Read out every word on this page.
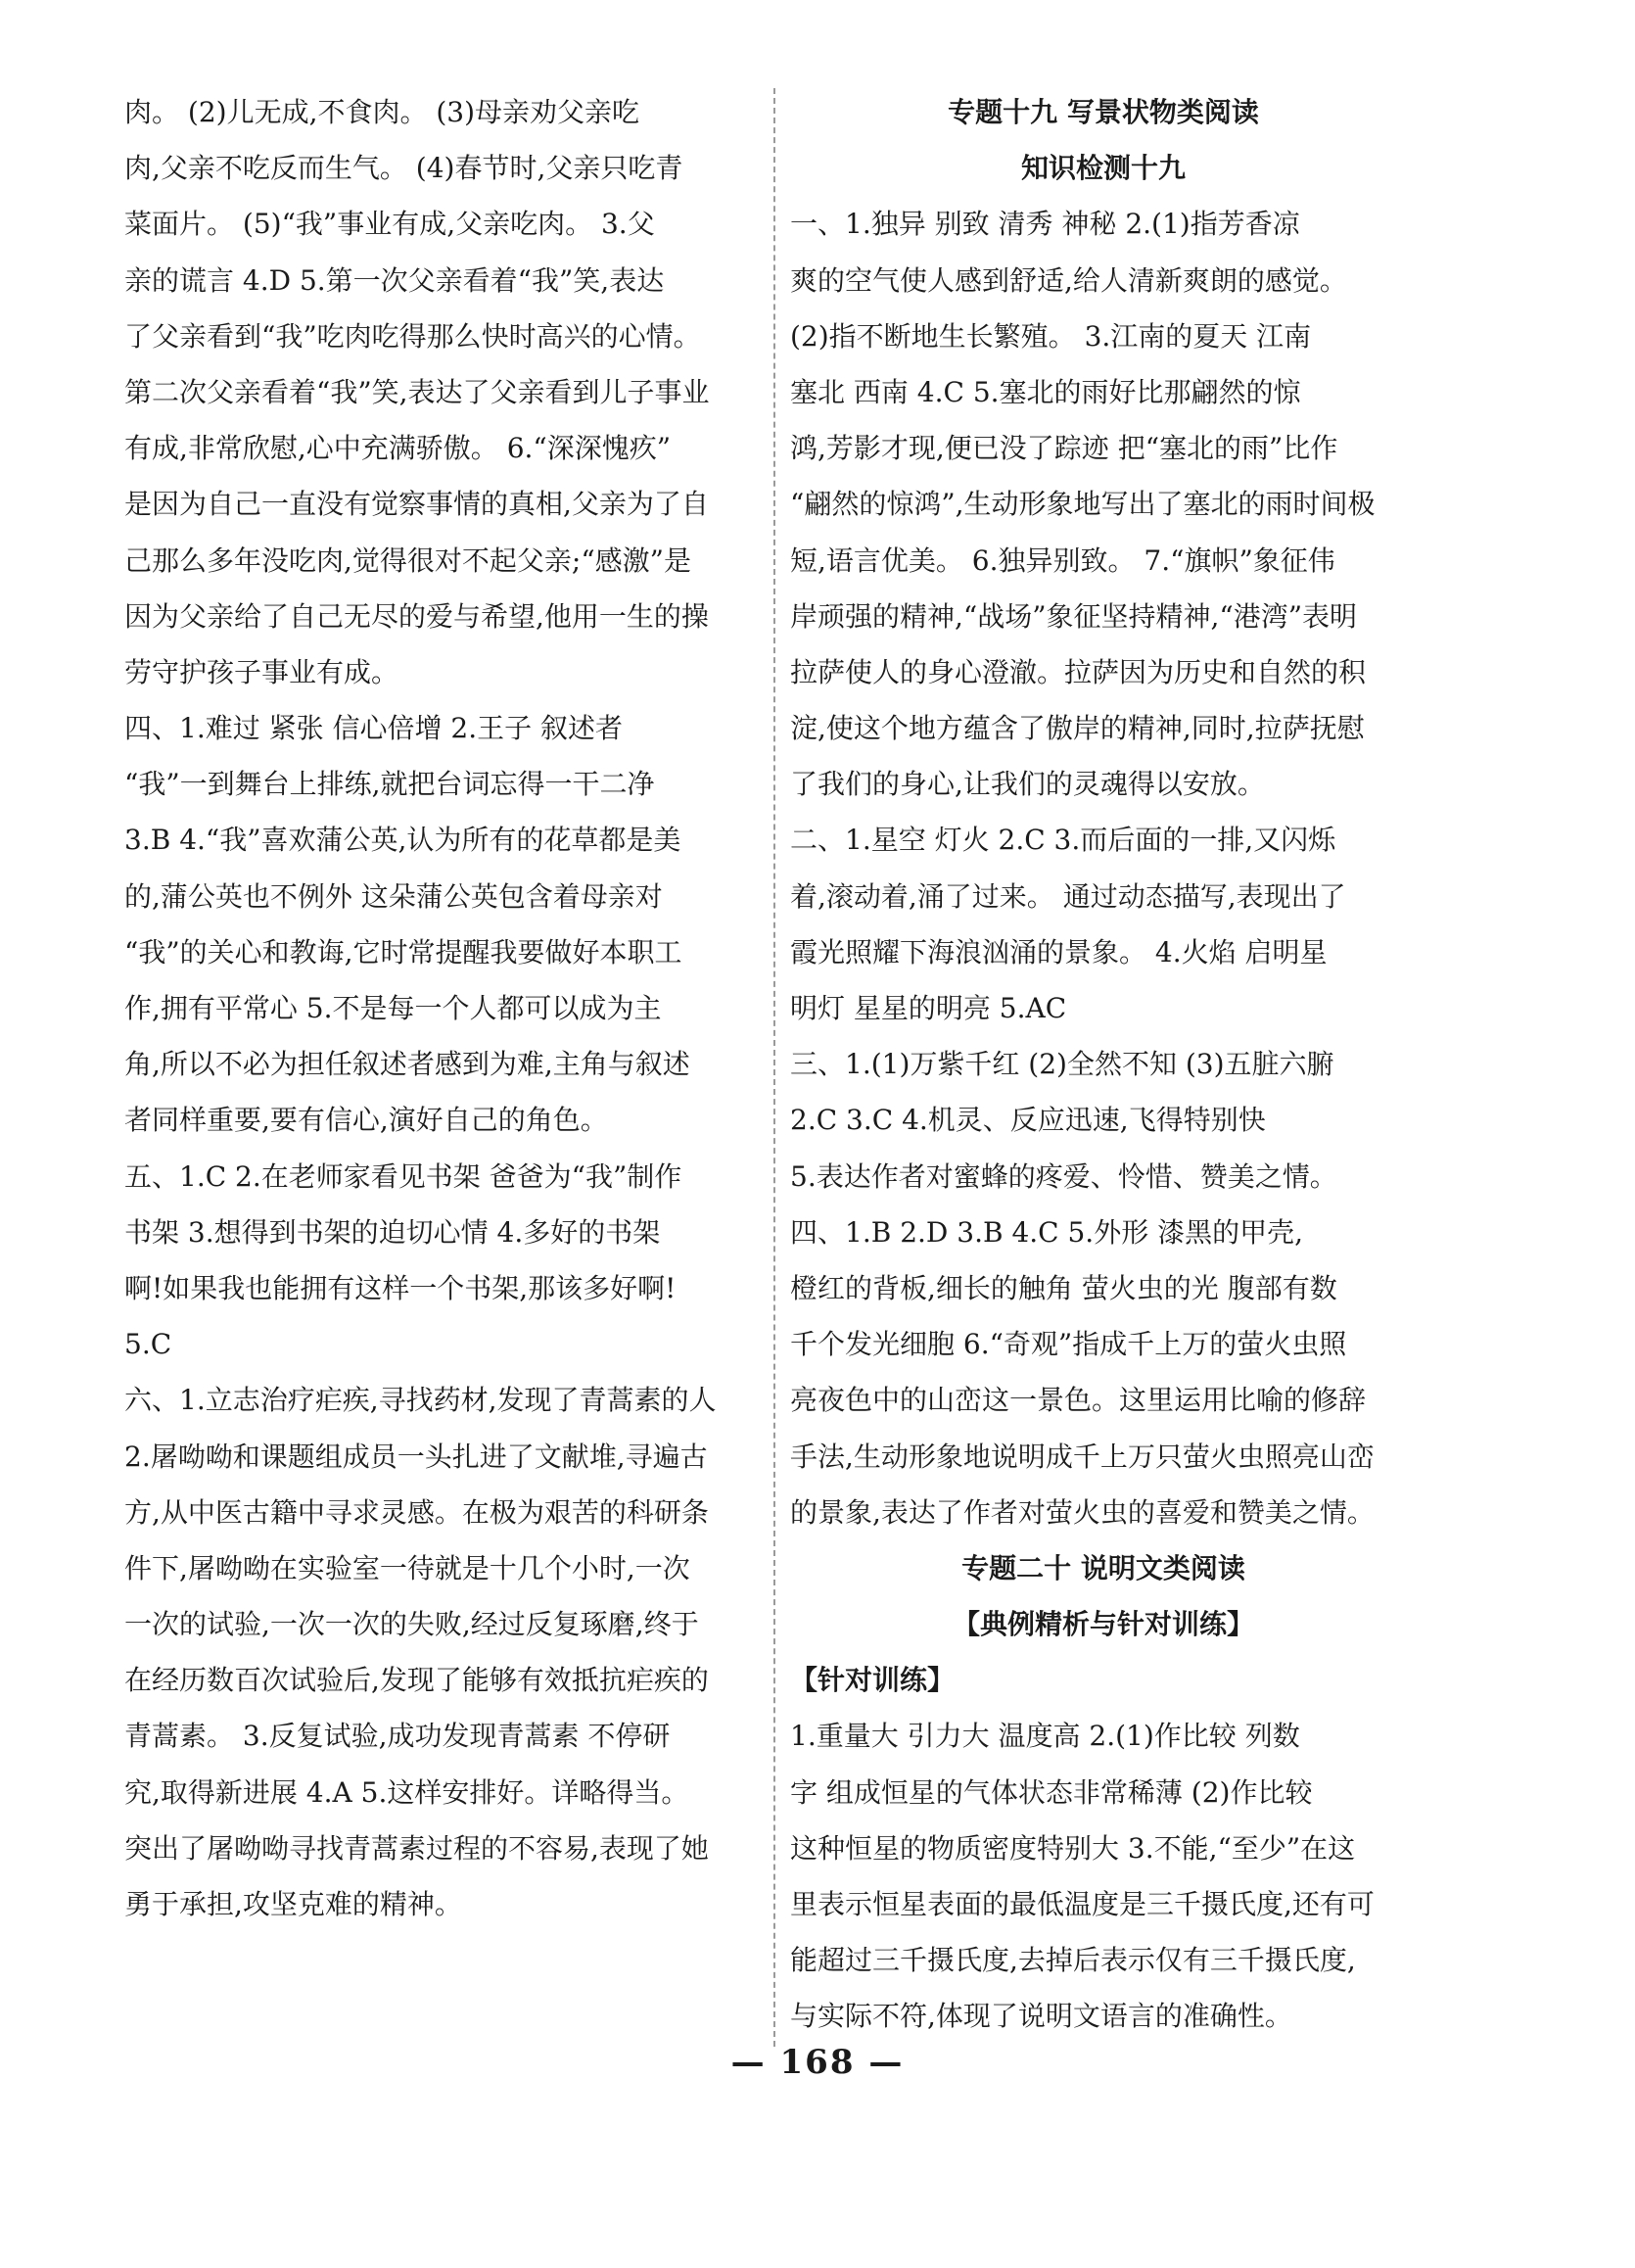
肉。 (2)儿无成,不食肉。 (3)母亲劝父亲吃
肉,父亲不吃反而生气。 (4)春节时,父亲只吃青
菜面片。 (5)“我”事业有成,父亲吃肉。 3.父
亲的谎言 4.D 5.第一次父亲看着“我”笑,表达
了父亲看到“我”吃肉吃得那么快时高兴的心情。
第二次父亲看着“我”笑,表达了父亲看到儿子事业
有成,非常欣慰,心中充满骄傲。 6.“深深愧疚”
是因为自己一直没有觉察事情的真相,父亲为了自
己那么多年没吃肉,觉得很对不起父亲;“感激”是
因为父亲给了自己无尽的爱与希望,他用一生的操
劳守护孩子事业有成。
四、1.难过 紧张 信心倍增 2.王子 叙述者
“我”一到舞台上排练,就把台词忘得一干二净
3.B 4.“我”喜欢蒲公英,认为所有的花草都是美
的,蒲公英也不例外 这朵蒲公英包含着母亲对
“我”的关心和教诲,它时常提醒我要做好本职工
作,拥有平常心 5.不是每一个人都可以成为主
角,所以不必为担任叙述者感到为难,主角与叙述
者同样重要,要有信心,演好自己的角色。
五、1.C 2.在老师家看见书架 爸爸为“我”制作
书架 3.想得到书架的迫切心情 4.多好的书架
啊!如果我也能拥有这样一个书架,那该多好啊!
5.C
六、1.立志治疗疟疾,寻找药材,发现了青蒿素的人
2.屠呦呦和课题组成员一头扎进了文献堆,寻遍古
方,从中医古籍中寻求灵感。在极为艰苦的科研条
件下,屠呦呦在实验室一待就是十几个小时,一次
一次的试验,一次一次的失败,经过反复琢磨,终于
在经历数百次试验后,发现了能够有效抵抗疟疾的
青蒿素。 3.反复试验,成功发现青蒿素 不停研
究,取得新进展 4.A 5.这样安排好。详略得当。
突出了屠呦呦寻找青蒿素过程的不容易,表现了她
勇于承担,攻坚克难的精神。
专题十九 写景状物类阅读
知识检测十九
一、1.独异 别致 清秀 神秘 2.(1)指芳香凉
爽的空气使人感到舒适,给人清新爽朗的感觉。
(2)指不断地生长繁殖。 3.江南的夏天 江南
塞北 西南 4.C 5.塞北的雨好比那翩然的惊
鸿,芳影才现,便已没了踪迹 把“塞北的雨”比作
“翩然的惊鸿”,生动形象地写出了塞北的雨时间极
短,语言优美。 6.独异别致。 7.“旗帜”象征伟
岸顽强的精神,“战场”象征坚持精神,“港湾”表明
拉萨使人的身心澄澈。拉萨因为历史和自然的积
淀,使这个地方蕴含了傲岸的精神,同时,拉萨抚慰
了我们的身心,让我们的灵魂得以安放。
二、1.星空 灯火 2.C 3.而后面的一排,又闪烁
着,滚动着,涌了过来。 通过动态描写,表现出了
霞光照耀下海浪汹涌的景象。 4.火焰 启明星
明灯 星星的明亮 5.AC
三、1.(1)万紫千红 (2)全然不知 (3)五脏六腑
2.C 3.C 4.机灵、反应迅速,飞得特别快
5.表达作者对蜜蜂的疼爱、怜惜、赞美之情。
四、1.B 2.D 3.B 4.C 5.外形 漆黑的甲壳,
橙红的背板,细长的触角 萤火虫的光 腹部有数
千个发光细胞 6.“奇观”指成千上万的萤火虫照
亮夜色中的山峦这一景色。这里运用比喻的修辞
手法,生动形象地说明成千上万只萤火虫照亮山峦
的景象,表达了作者对萤火虫的喜爱和赞美之情。
专题二十 说明文类阅读
【典例精析与针对训练】
【针对训练】
1.重量大 引力大 温度高 2.(1)作比较 列数
字 组成恒星的气体状态非常稀薄 (2)作比较
这种恒星的物质密度特别大 3.不能,“至少”在这
里表示恒星表面的最低温度是三千摄氏度,还有可
能超过三千摄氏度,去掉后表示仅有三千摄氏度,
与实际不符,体现了说明文语言的准确性。
— 168 —
